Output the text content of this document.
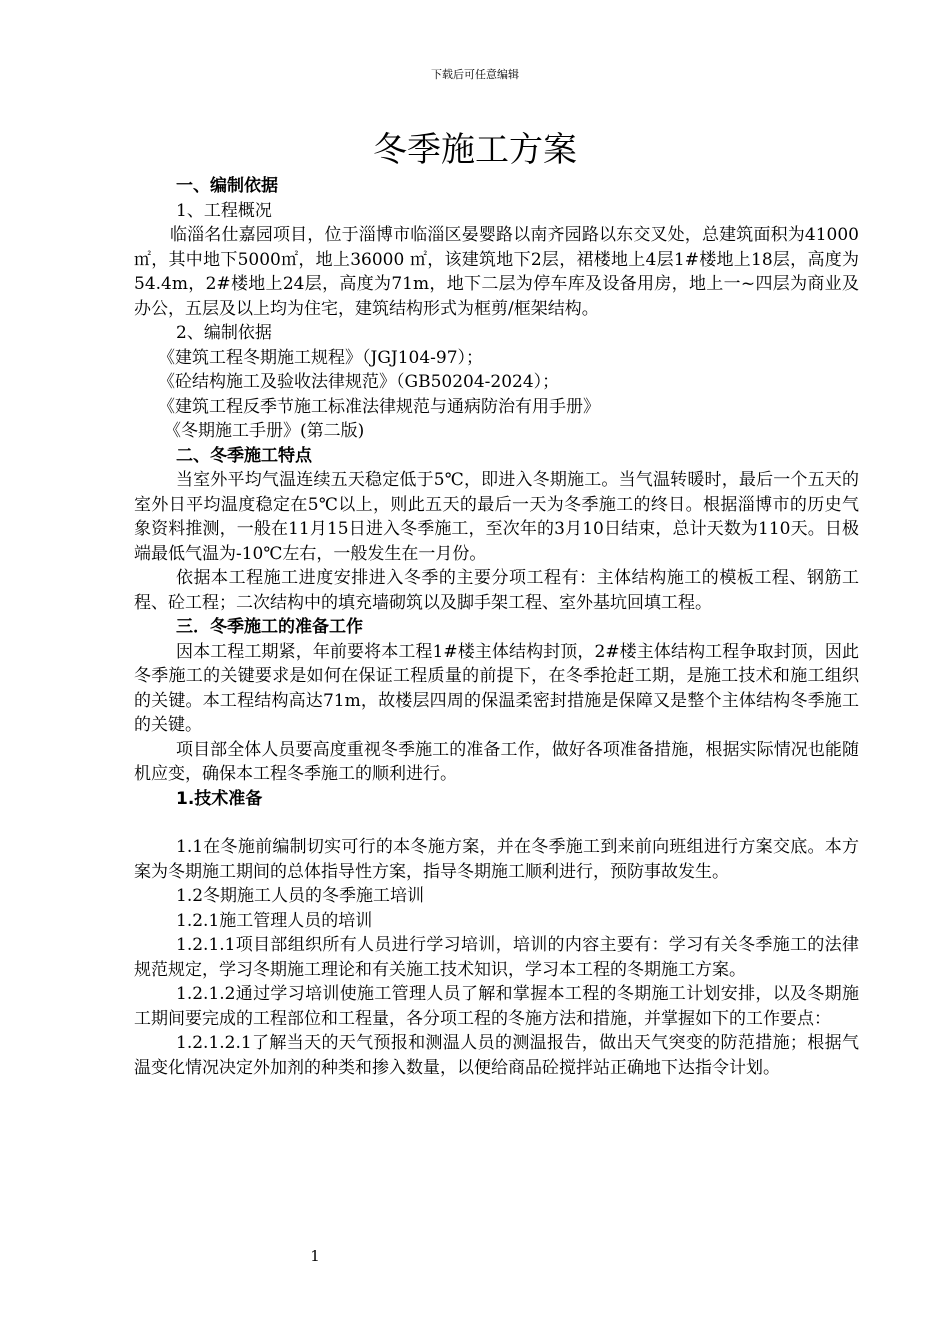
下载后可任意编辑
冬季施工方案

一、编制依据

1、工程概况

临淄名仕嘉园项目，位于淄博市临淄区晏婴路以南齐园路以东交叉处，总建筑面积为41000 ㎡，其中地下5000㎡，地上36000 ㎡，该建筑地下2层，裙楼地上4层1#楼地上18层，高度为54.4m，2#楼地上24层，高度为71m，地下二层为停车库及设备用房，地上一~四层为商业及办公，五层及以上均为住宅，建筑结构形式为框剪/框架结构。

2、编制依据

《建筑工程冬期施工规程》（JGJ104-97）；

《砼结构施工及验收法律规范》（GB50204-2024）；

《建筑工程反季节施工标准法律规范与通病防治有用手册》

《冬期施工手册》(第二版)

二、冬季施工特点

当室外平均气温连续五天稳定低于5℃，即进入冬期施工。当气温转暖时，最后一个五天的室外日平均温度稳定在5℃以上，则此五天的最后一天为冬季施工的终日。根据淄博市的历史气象资料推测，一般在11月15日进入冬季施工，至次年的3月10日结束，总计天数为110天。日极端最低气温为-10℃左右，一般发生在一月份。

依据本工程施工进度安排进入冬季的主要分项工程有：主体结构施工的模板工程、钢筋工程、砼工程；二次结构中的填充墙砌筑以及脚手架工程、室外基坑回填工程。

三．冬季施工的准备工作

因本工程工期紧，年前要将本工程1#楼主体结构封顶，2#楼主体结构工程争取封顶，因此冬季施工的关键要求是如何在保证工程质量的前提下，在冬季抢赶工期，是施工技术和施工组织的关键。本工程结构高达71m，故楼层四周的保温柔密封措施是保障又是整个主体结构冬季施工的关键。

项目部全体人员要高度重视冬季施工的准备工作，做好各项准备措施，根据实际情况也能随机应变，确保本工程冬季施工的顺利进行。

1.技术准备

1.1在冬施前编制切实可行的本冬施方案，并在冬季施工到来前向班组进行方案交底。本方案为冬期施工期间的总体指导性方案，指导冬期施工顺利进行，预防事故发生。

1.2冬期施工人员的冬季施工培训

1.2.1施工管理人员的培训

1.2.1.1项目部组织所有人员进行学习培训，培训的内容主要有：学习有关冬季施工的法律规范规定，学习冬期施工理论和有关施工技术知识，学习本工程的冬期施工方案。

1.2.1.2通过学习培训使施工管理人员了解和掌握本工程的冬期施工计划安排，以及冬期施工期间要完成的工程部位和工程量，各分项工程的冬施方法和措施，并掌握如下的工作要点：

1.2.1.2.1了解当天的天气预报和测温人员的测温报告，做出天气突变的防范措施；根据气温变化情况决定外加剂的种类和掺入数量，以便给商品砼搅拌站正确地下达指令计划。

1
